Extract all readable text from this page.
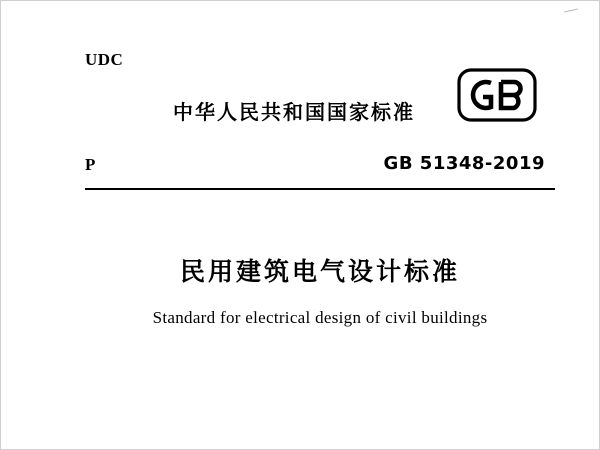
UDC
中华人民共和国国家标准
P	GB 51348-2019
民用建筑电气设计标准
Standard for electrical design of civil buildings
